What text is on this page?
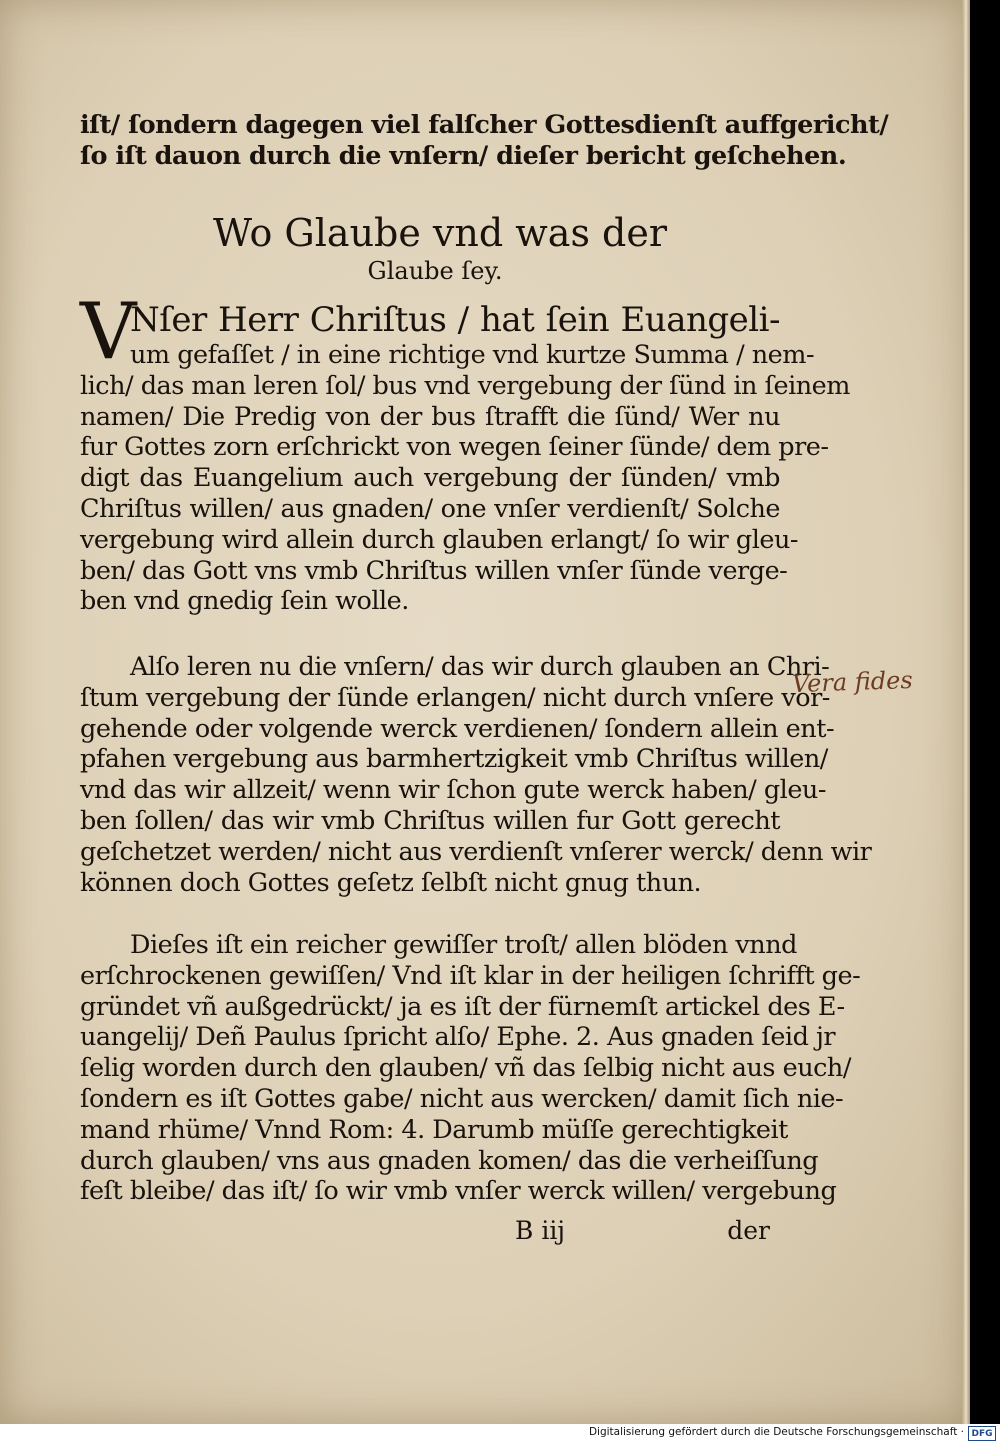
iſt/ ſondern dagegen viel falſcher Gottesdienſt auffgericht/
ſo iſt dauon durch die vnſern/ dieſer bericht geſchehen.
Wo Glaube vnd was der
Glaube ſey.
V
Nſer Herr Chriſtus / hat ſein Euangeli-
um gefaſſet / in eine richtige vnd kurtze Summa / nem-
lich/ das man leren ſol/ bus vnd vergebung der ſünd in ſeinem
namen/ Die Predig von der bus ſtrafft die ſünd/ Wer nu
fur Gottes zorn erſchrickt von wegen ſeiner ſünde/ dem pre-
digt das Euangelium auch vergebung der ſünden/ vmb
Chriſtus willen/ aus gnaden/ one vnſer verdienſt/ Solche
vergebung wird allein durch glauben erlangt/ ſo wir gleu-
ben/ das Gott vns vmb Chriſtus willen vnſer ſünde verge-
ben vnd gnedig ſein wolle.
Alſo leren nu die vnſern/ das wir durch glauben an Chri-
ſtum vergebung der ſünde erlangen/ nicht durch vnſere vor-
gehende oder volgende werck verdienen/ ſondern allein ent-
pfahen vergebung aus barmhertzigkeit vmb Chriſtus willen/
vnd das wir allzeit/ wenn wir ſchon gute werck haben/ gleu-
ben ſollen/ das wir vmb Chriſtus willen fur Gott gerecht
geſchetzet werden/ nicht aus verdienſt vnſerer werck/ denn wir
können doch Gottes geſetz ſelbſt nicht gnug thun.
Vera fides
Dieſes iſt ein reicher gewiſſer troſt/ allen blöden vnnd
erſchrockenen gewiſſen/ Vnd iſt klar in der heiligen ſchrifft ge-
gründet vñ außgedrückt/ ja es iſt der fürnemſt artickel des E-
uangelij/ Deñ Paulus ſpricht alſo/ Ephe. 2. Aus gnaden ſeid jr
ſelig worden durch den glauben/ vñ das ſelbig nicht aus euch/
ſondern es iſt Gottes gabe/ nicht aus wercken/ damit ſich nie-
mand rhüme/ Vnnd Rom: 4. Darumb müſſe gerechtigkeit
durch glauben/ vns aus gnaden komen/ das die verheiſſung
feſt bleibe/ das iſt/ ſo wir vmb vnſer werck willen/ vergebung
B iij	der
Digitalisierung gefördert durch die Deutsche Forschungsgemeinschaft · DFG
